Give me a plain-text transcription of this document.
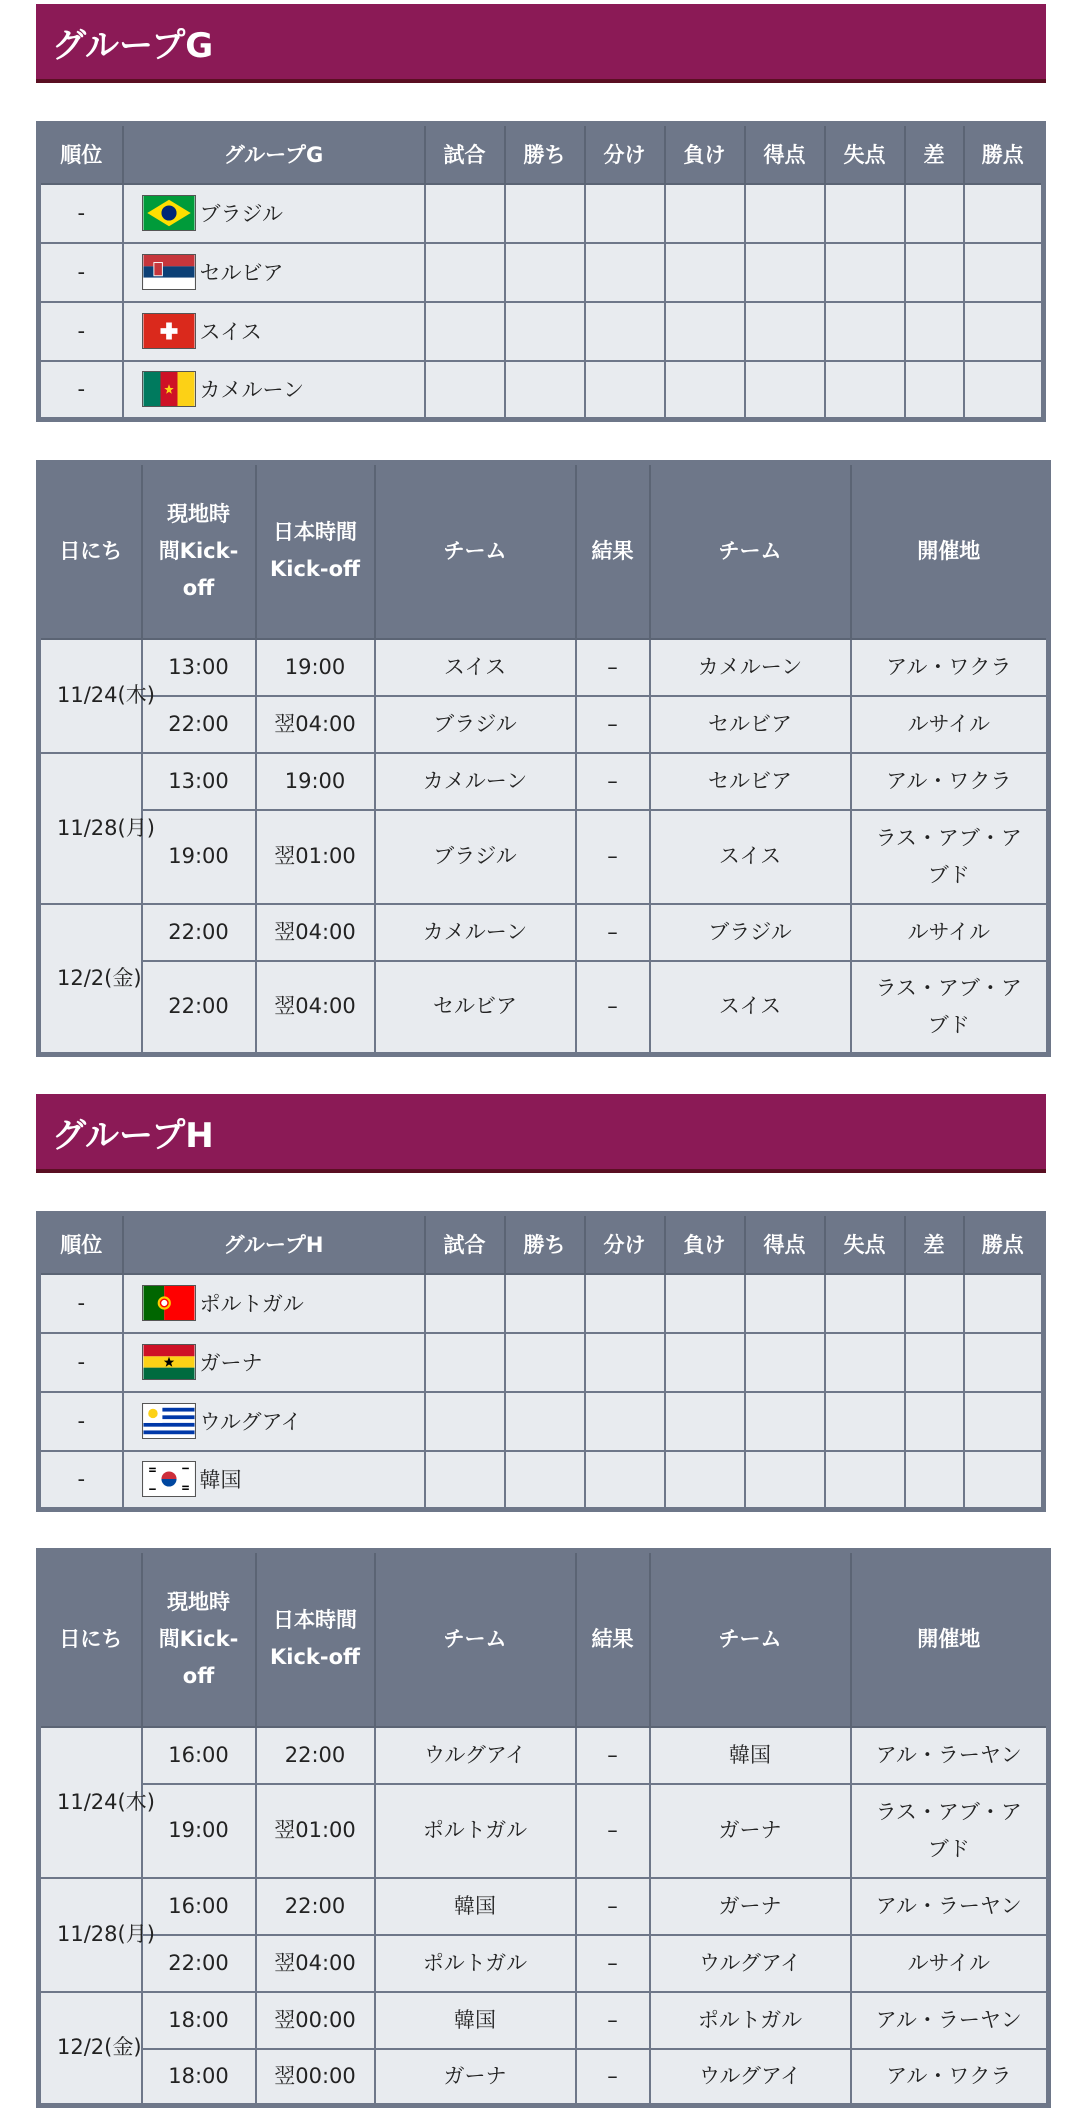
グループG
順位	グループG	試合	勝ち	分け	負け	得点	失点	差	勝点
-	ブラジル								
-	セルビア								
-	スイス								
-	カメルーン								
日にち	現地時間Kick-off	日本時間Kick-off	チーム	結果	チーム	開催地
11/24(木)	13:00	19:00	スイス	–	カメルーン	アル・ワクラ
	22:00	翌04:00	ブラジル	–	セルビア	ルサイル
11/28(月)	13:00	19:00	カメルーン	–	セルビア	アル・ワクラ
	19:00	翌01:00	ブラジル	–	スイス	ラス・アブ・アブド
12/2(金)	22:00	翌04:00	カメルーン	–	ブラジル	ルサイル
	22:00	翌04:00	セルビア	–	スイス	ラス・アブ・アブド
グループH
順位	グループH	試合	勝ち	分け	負け	得点	失点	差	勝点
-	ポルトガル								
-	ガーナ								
-	ウルグアイ								
-	韓国								
日にち	現地時間Kick-off	日本時間Kick-off	チーム	結果	チーム	開催地
11/24(木)	16:00	22:00	ウルグアイ	–	韓国	アル・ラーヤン
	19:00	翌01:00	ポルトガル	–	ガーナ	ラス・アブ・アブド
11/28(月)	16:00	22:00	韓国	–	ガーナ	アル・ラーヤン
	22:00	翌04:00	ポルトガル	–	ウルグアイ	ルサイル
12/2(金)	18:00	翌00:00	韓国	–	ポルトガル	アル・ラーヤン
	18:00	翌00:00	ガーナ	–	ウルグアイ	アル・ワクラ
